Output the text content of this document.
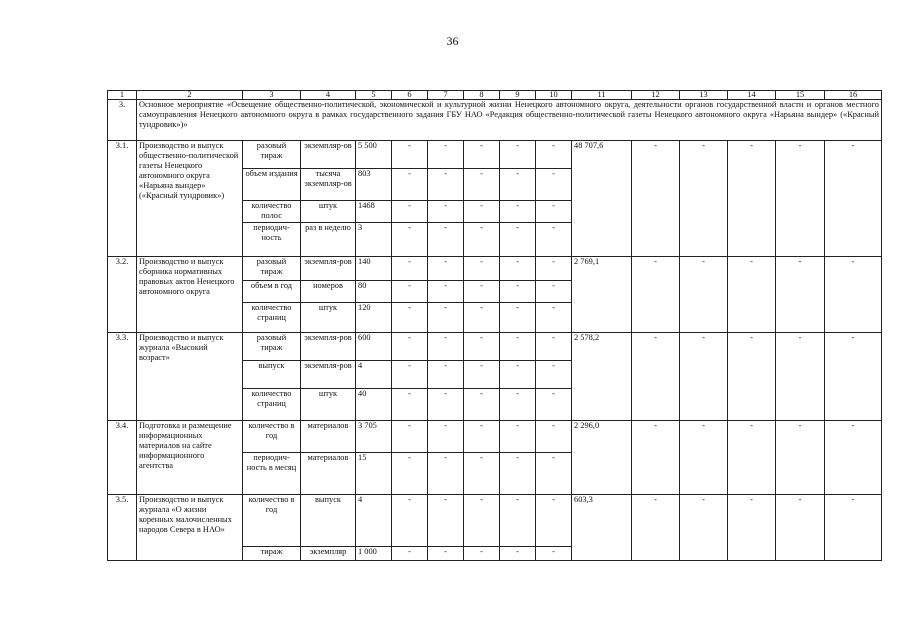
36
1	2	3	4	5	6	7	8	9	10	11	12	13	14	15	16
3.	Основное мероприятие «Освещение общественно-политической, экономической и культурной жизни Ненецкого автономного округа, деятельности органов государственной власти и органов местного самоуправления Ненецкого автономного округа в рамках государственного задания ГБУ НАО «Редакция общественно-политической газеты Ненецкого автономного округа «Нарьяна вындер» («Красный тундровик»)»														
3.1.	Производство и выпуск общественно-политической газеты Ненецкого автономного округа «Нарьяна вындер» («Красный тундровик»)	разовый тираж	экземпляр-ов	5 500	-	-	-	-	-	48 707,6	-	-	-	-	-
		объем издания	тысяча экземпляр-ов	803	-	-	-	-	-						
		количество полос	штук	1468	-	-	-	-	-						
		периодич-ность	раз в неделю	3	-	-	-	-	-						
3.2.	Производство и выпуск сборника нормативных правовых актов Ненецкого автономного округа	разовый тираж	экземпля-ров	140	-	-	-	-	-	2 769,1	-	-	-	-	-
		объем в год	номеров	80	-	-	-	-	-						
		количество страниц	штук	120	-	-	-	-	-						
3.3.	Производство и выпуск журнала «Высокий возраст»	разовый тираж	экземпля-ров	600	-	-	-	-	-	2 578,2	-	-	-	-	-
		выпуск	экземпля-ров	4	-	-	-	-	-						
		количество страниц	штук	40	-	-	-	-	-						
3.4.	Подготовка и размещение информационных материалов на сайте информационного агентства	количество в год	материалов	3 705	-	-	-	-	-	2 296,0	-	-	-	-	-
		периодич-ность в месяц	материалов	15	-	-	-	-	-						
3.5.	Производство и выпуск журнала «О жизни коренных малочисленных народов Севера в НАО»	количество в год	выпуск	4	-	-	-	-	-	603,3	-	-	-	-	-
		тираж	экземпляр	1 000	-	-	-	-	-						
